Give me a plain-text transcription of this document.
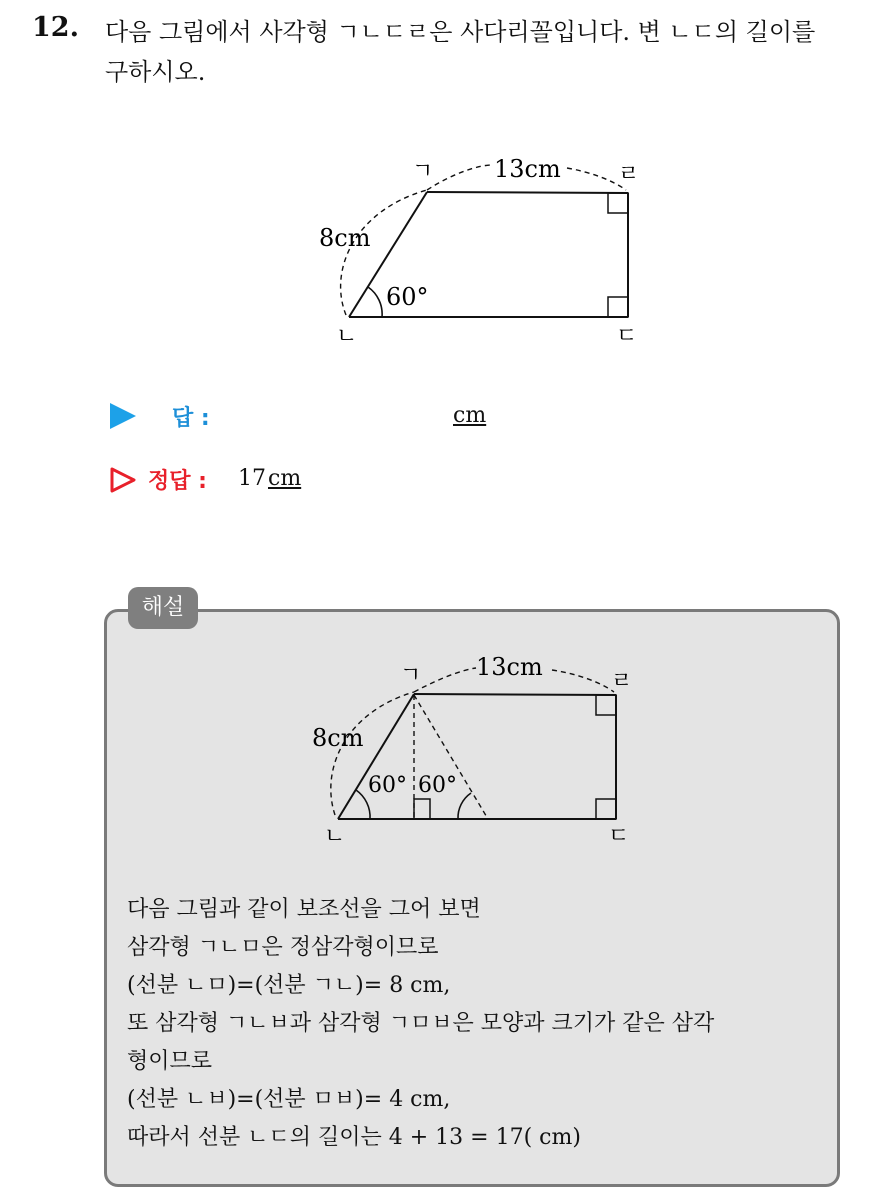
12. 다음 그림에서 사각형 ㄱㄴㄷㄹ은 사다리꼴입니다. 변 ㄴㄷ의 길이를
구하시오.
ㄱ	ㄹ
ㄴ	ㄷ
13cm
8cm
60°
답 :	cm
정답 : 17cm
해설
ㄱ	ㄹ
ㄴ	ㄷ
13cm
8cm
60° 60°
다음 그림과 같이 보조선을 그어 보면
삼각형 ㄱㄴㅁ은 정삼각형이므로
(선분 ㄴㅁ)=(선분 ㄱㄴ)= 8 cm,
또 삼각형 ㄱㄴㅂ과 삼각형 ㄱㅁㅂ은 모양과 크기가 같은 삼각
형이므로
(선분 ㄴㅂ)=(선분 ㅁㅂ)= 4 cm,
따라서 선분 ㄴㄷ의 길이는 4 + 13 = 17( cm)
